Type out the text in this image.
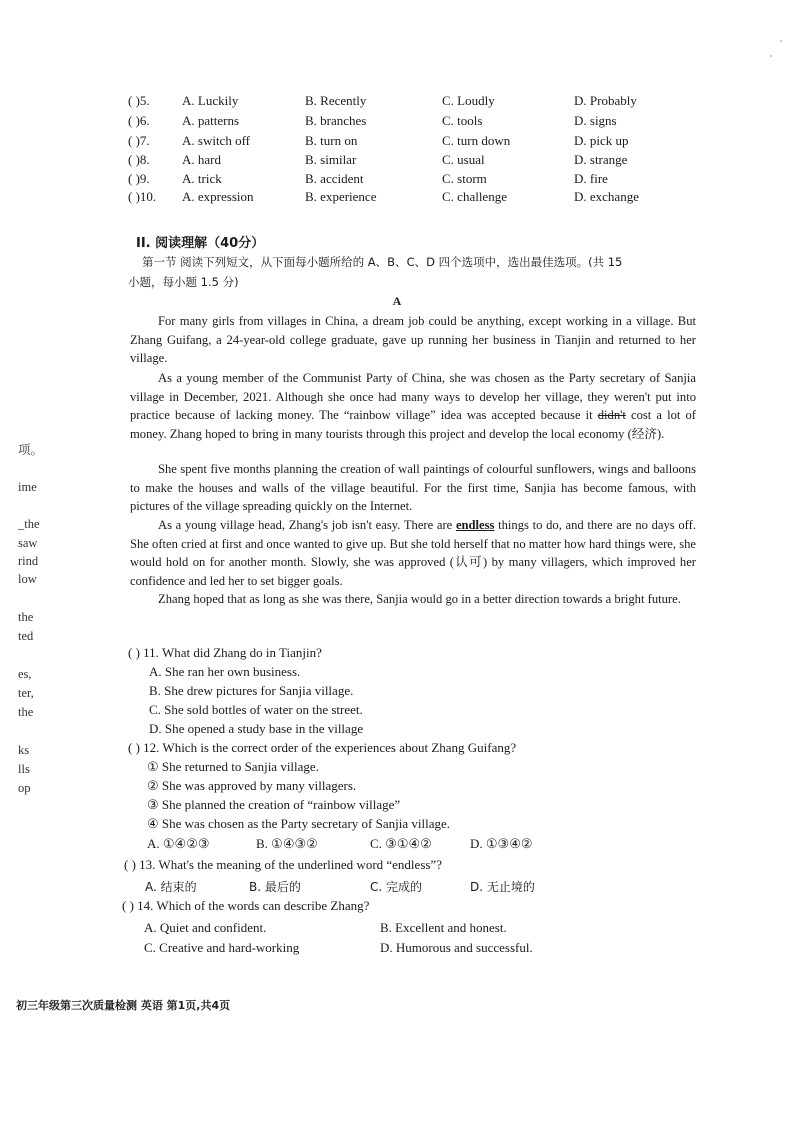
( )5. A. Luckily	B. Recently	C. Loudly	D. Probably
( )6. A. patterns	B. branches	C. tools	D. signs
( )7. A. switch off	B. turn on	C. turn down	D. pick up
( )8. A. hard	B. similar	C. usual	D. strange
( )9. A. trick	B. accident	C. storm	D. fire
( )10. A. expression	B. experience	C. challenge	D. exchange
II. 阅读理解（40分）
第一节 阅读下列短文，从下面每小题所给的 A、B、C、D 四个选项中，选出最佳选项。(共 15
小题，每小题 1.5 分)
A
For many girls from villages in China, a dream job could be anything, except working in a village. But Zhang Guifang, a 24-year-old college graduate, gave up running her business in Tianjin and returned to her village.
As a young member of the Communist Party of China, she was chosen as the Party secretary of Sanjia village in December, 2021. Although she once had many ways to develop her village, they weren't put into practice because of lacking money. The “rainbow village” idea was accepted because it didn't cost a lot of money. Zhang hoped to bring in many tourists through this project and develop the local economy (经济).
She spent five months planning the creation of wall paintings of colourful sunflowers, wings and balloons to make the houses and walls of the village beautiful. For the first time, Sanjia has become famous, with pictures of the village spreading quickly on the Internet.
As a young village head, Zhang's job isn't easy. There are endless things to do, and there are no days off. She often cried at first and once wanted to give up. But she told herself that no matter how hard things were, she would hold on for another month. Slowly, she was approved (认可) by many villagers, which improved her confidence and led her to set bigger goals.
Zhang hoped that as long as she was there, Sanjia would go in a better direction towards a bright future.
( ) 11. What did Zhang do in Tianjin?
A. She ran her own business.
B. She drew pictures for Sanjia village.
C. She sold bottles of water on the street.
D. She opened a study base in the village
( ) 12. Which is the correct order of the experiences about Zhang Guifang?
① She returned to Sanjia village.
② She was approved by many villagers.
③ She planned the creation of “rainbow village”
④ She was chosen as the Party secretary of Sanjia village.
A. ①④②③	B. ①④③②	C. ③①④②	D. ①③④②
( ) 13. What's the meaning of the underlined word “endless”?
A. 结束的	B. 最后的	C. 完成的	D. 无止境的
( ) 14. Which of the words can describe Zhang?
A. Quiet and confident.	B. Excellent and honest.
C. Creative and hard-working	D. Humorous and successful.
项。
ime
_the
saw
rind
low
the
ted
es,
ter,
the
ks
lls
op
初三年级第三次质量检测 英语 第1页,共4页
